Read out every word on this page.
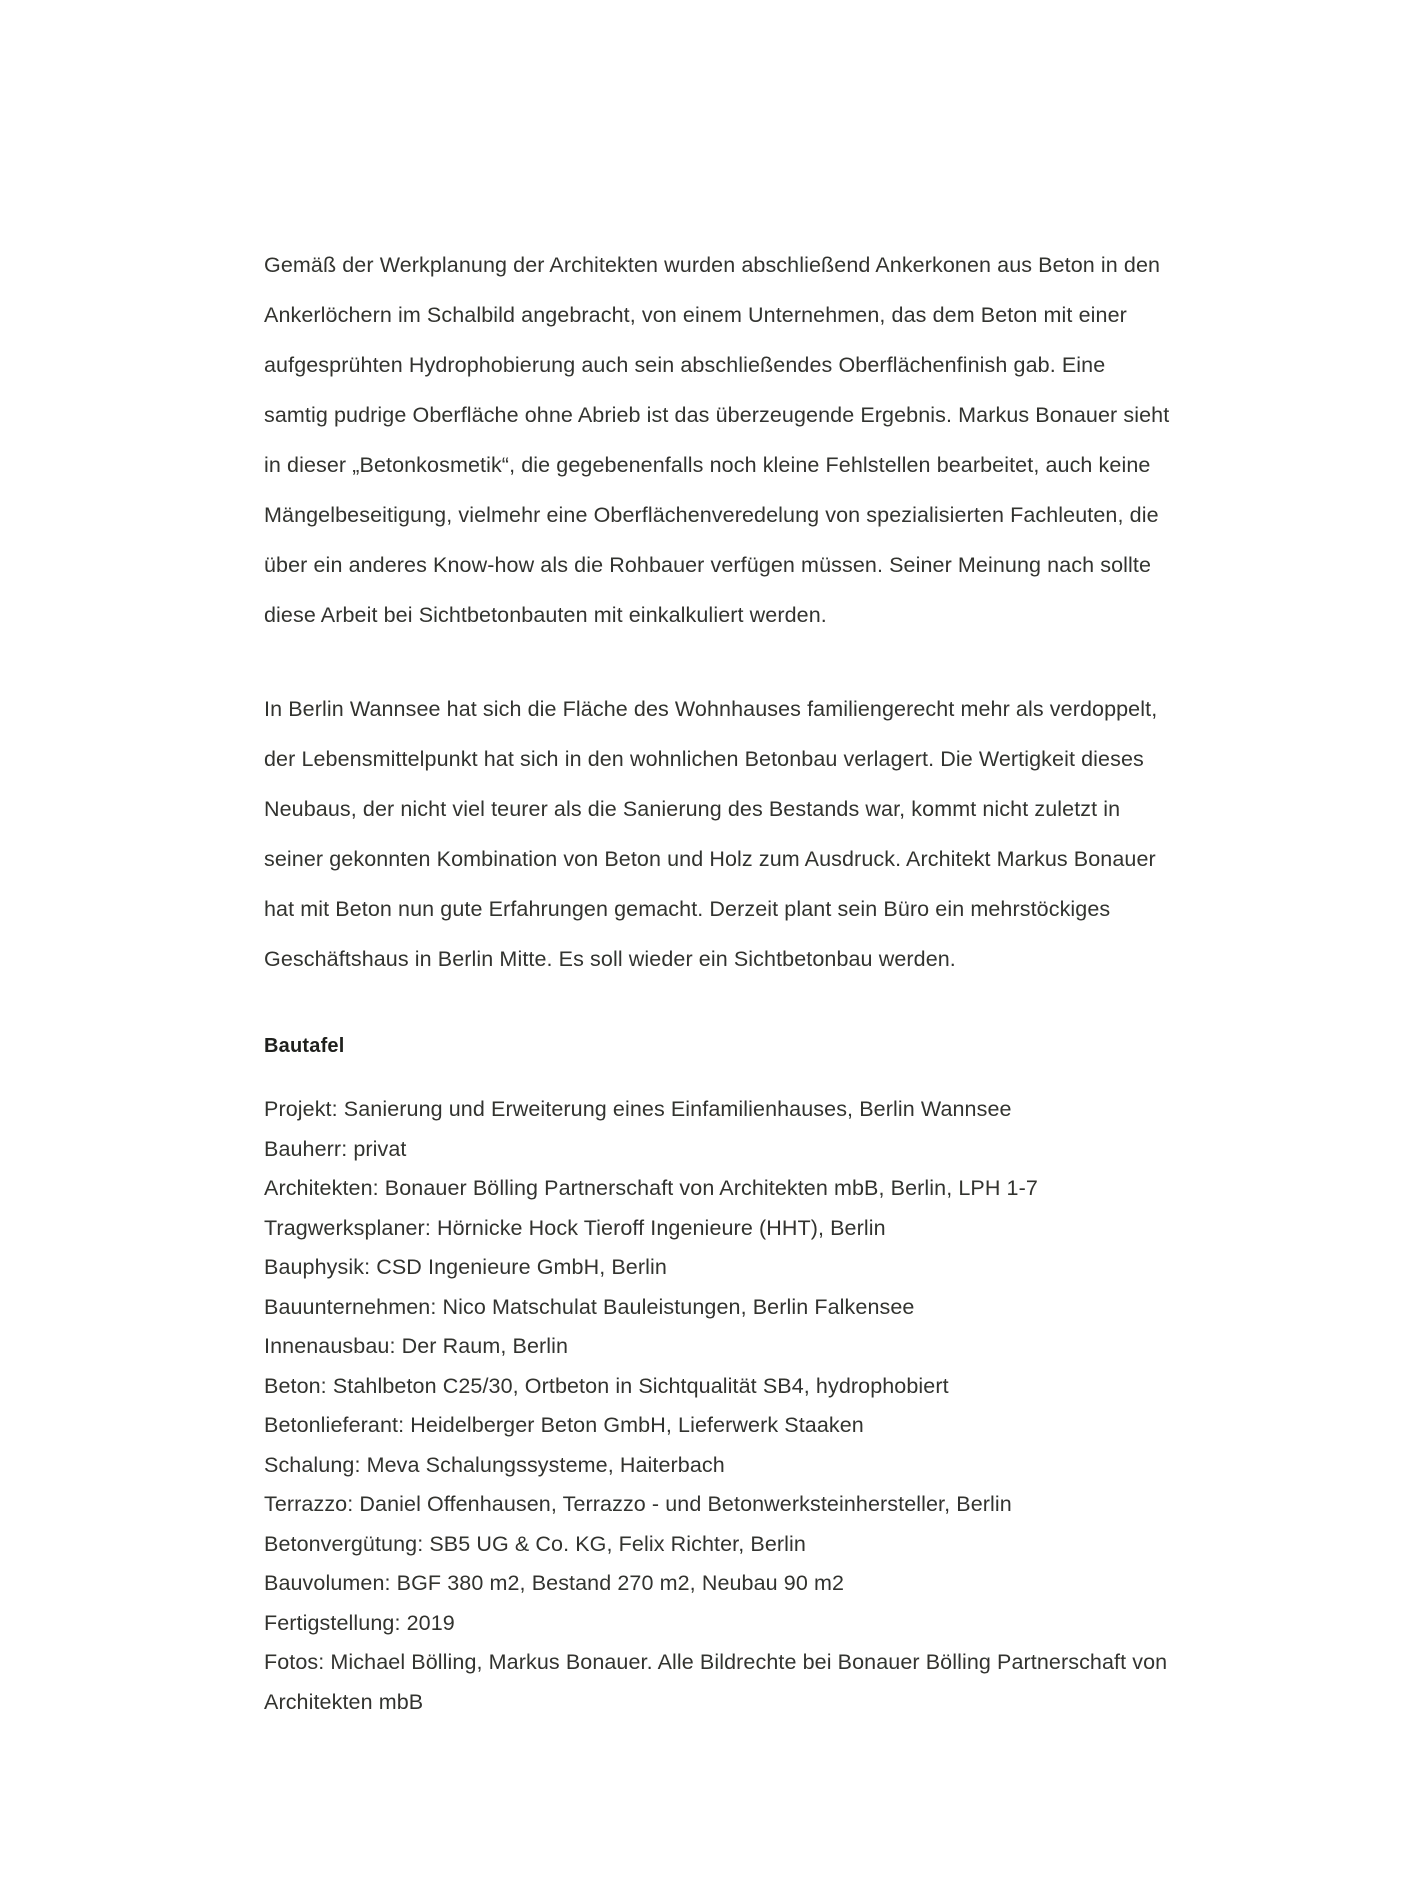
Gemäß der Werkplanung der Architekten wurden abschließend Ankerkonen aus Beton in den Ankerlöchern im Schalbild angebracht, von einem Unternehmen, das dem Beton mit einer aufgesprühten Hydrophobierung auch sein abschließendes Oberflächenfinish gab. Eine samtig pudrige Oberfläche ohne Abrieb ist das überzeugende Ergebnis. Markus Bonauer sieht in dieser „Betonkosmetik“, die gegebenenfalls noch kleine Fehlstellen bearbeitet, auch keine Mängelbeseitigung, vielmehr eine Oberflächenveredelung von spezialisierten Fachleuten, die über ein anderes Know-how als die Rohbauer verfügen müssen. Seiner Meinung nach sollte diese Arbeit bei Sichtbetonbauten mit einkalkuliert werden.

In Berlin Wannsee hat sich die Fläche des Wohnhauses familiengerecht mehr als verdoppelt, der Lebensmittelpunkt hat sich in den wohnlichen Betonbau verlagert. Die Wertigkeit dieses Neubaus, der nicht viel teurer als die Sanierung des Bestands war, kommt nicht zuletzt in seiner gekonnten Kombination von Beton und Holz zum Ausdruck. Architekt Markus Bonauer hat mit Beton nun gute Erfahrungen gemacht. Derzeit plant sein Büro ein mehrstöckiges Geschäftshaus in Berlin Mitte. Es soll wieder ein Sichtbetonbau werden.

Bautafel
Projekt: Sanierung und Erweiterung eines Einfamilienhauses, Berlin Wannsee
Bauherr: privat
Architekten: Bonauer Bölling Partnerschaft von Architekten mbB, Berlin, LPH 1-7
Tragwerksplaner: Hörnicke Hock Tieroff Ingenieure (HHT), Berlin
Bauphysik: CSD Ingenieure GmbH, Berlin
Bauunternehmen: Nico Matschulat Bauleistungen, Berlin Falkensee
Innenausbau: Der Raum, Berlin
Beton: Stahlbeton C25/30, Ortbeton in Sichtqualität SB4, hydrophobiert
Betonlieferant: Heidelberger Beton GmbH, Lieferwerk Staaken
Schalung: Meva Schalungssysteme, Haiterbach
Terrazzo: Daniel Offenhausen, Terrazzo - und Betonwerksteinhersteller, Berlin
Betonvergütung: SB5 UG & Co. KG, Felix Richter, Berlin
Bauvolumen: BGF 380 m2, Bestand 270 m2, Neubau 90 m2
Fertigstellung: 2019
Fotos: Michael Bölling, Markus Bonauer. Alle Bildrechte bei Bonauer Bölling Partnerschaft von Architekten mbB
